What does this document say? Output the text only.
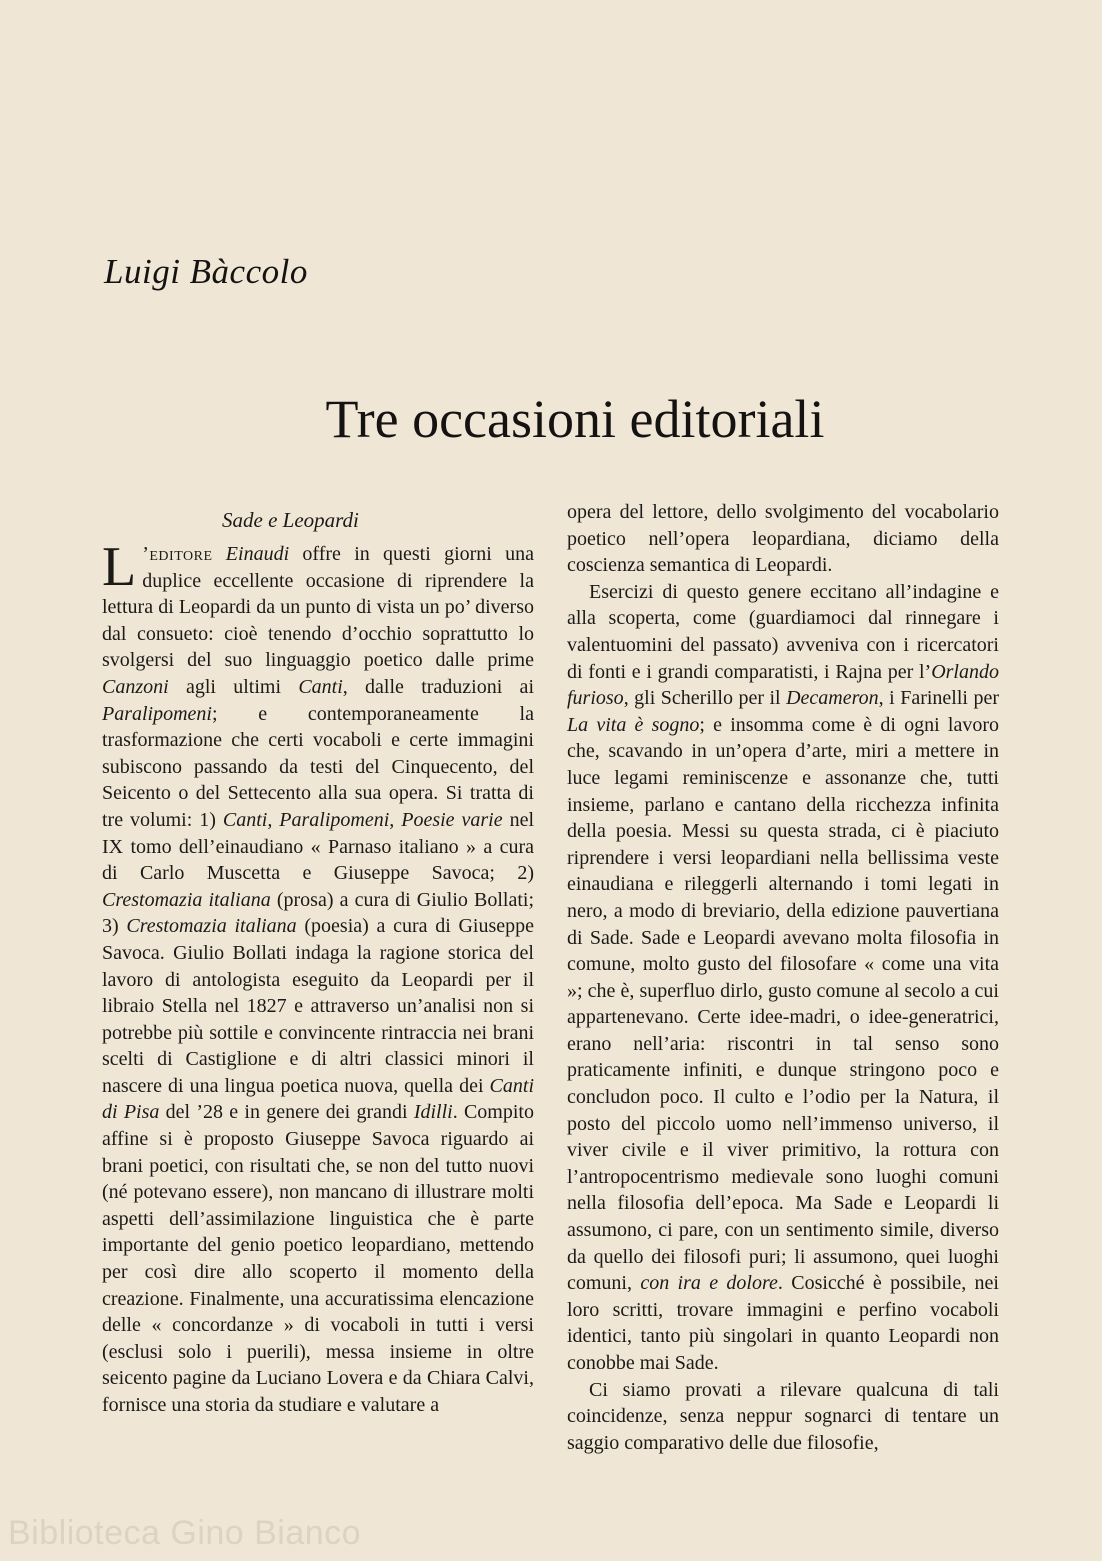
Luigi Bàccolo
Tre occasioni editoriali
Sade e Leopardi

L ’editore Einaudi offre in questi giorni una duplice eccellente occasione di riprendere la lettura di Leopardi da un punto di vista un po’ diverso dal consueto: cioè tenendo d’occhio soprattutto lo svolgersi del suo linguaggio poetico dalle prime Canzoni agli ultimi Canti, dalle traduzioni ai Paralipomeni; e contemporaneamente la trasformazione che certi vocaboli e certe immagini subiscono passando da testi del Cinquecento, del Seicento o del Settecento alla sua opera. Si tratta di tre volumi: 1) Canti, Paralipomeni, Poesie varie nel IX tomo dell’einaudiano « Parnaso italiano » a cura di Carlo Muscetta e Giuseppe Savoca; 2) Crestomazia italiana (prosa) a cura di Giulio Bollati; 3) Crestomazia italiana (poesia) a cura di Giuseppe Savoca. Giulio Bollati indaga la ragione storica del lavoro di antologista eseguito da Leopardi per il libraio Stella nel 1827 e attraverso un’analisi non si potrebbe più sottile e convincente rintraccia nei brani scelti di Castiglione e di altri classici minori il nascere di una lingua poetica nuova, quella dei Canti di Pisa del ’28 e in genere dei grandi Idilli. Compito affine si è proposto Giuseppe Savoca riguardo ai brani poetici, con risultati che, se non del tutto nuovi (né potevano essere), non mancano di illustrare molti aspetti dell’assimilazione linguistica che è parte importante del genio poetico leopardiano, mettendo per così dire allo scoperto il momento della creazione. Finalmente, una accuratissima elencazione delle « concordanze » di vocaboli in tutti i versi (esclusi solo i puerili), messa insieme in oltre seicento pagine da Luciano Lovera e da Chiara Calvi, fornisce una storia da studiare e valutare a

opera del lettore, dello svolgimento del vocabolario poetico nell’opera leopardiana, diciamo della coscienza semantica di Leopardi.

Esercizi di questo genere eccitano all’indagine e alla scoperta, come (guardiamoci dal rinnegare i valentuomini del passato) avveniva con i ricercatori di fonti e i grandi comparatisti, i Rajna per l’Orlando furioso, gli Scherillo per il Decameron, i Farinelli per La vita è sogno; e insomma come è di ogni lavoro che, scavando in un’opera d’arte, miri a mettere in luce legami reminiscenze e assonanze che, tutti insieme, parlano e cantano della ricchezza infinita della poesia. Messi su questa strada, ci è piaciuto riprendere i versi leopardiani nella bellissima veste einaudiana e rileggerli alternando i tomi legati in nero, a modo di breviario, della edizione pauvertiana di Sade. Sade e Leopardi avevano molta filosofia in comune, molto gusto del filosofare « come una vita »; che è, superfluo dirlo, gusto comune al secolo a cui appartenevano. Certe idee-madri, o idee-generatrici, erano nell’aria: riscontri in tal senso sono praticamente infiniti, e dunque stringono poco e concludon poco. Il culto e l’odio per la Natura, il posto del piccolo uomo nell’immenso universo, il viver civile e il viver primitivo, la rottura con l’antropocentrismo medievale sono luoghi comuni nella filosofia dell’epoca. Ma Sade e Leopardi li assumono, ci pare, con un sentimento simile, diverso da quello dei filosofi puri; li assumono, quei luoghi comuni, con ira e dolore. Cosicché è possibile, nei loro scritti, trovare immagini e perfino vocaboli identici, tanto più singolari in quanto Leopardi non conobbe mai Sade.

Ci siamo provati a rilevare qualcuna di tali coincidenze, senza neppur sognarci di tentare un saggio comparativo delle due filosofie,

Biblioteca Gino Bianco
